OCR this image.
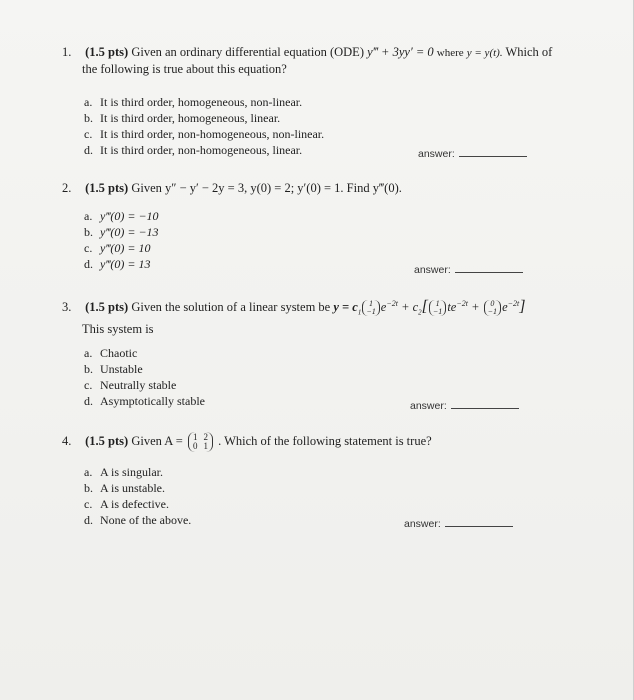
1. (1.5 pts) Given an ordinary differential equation (ODE) y‴ + 3yy′ = 0 where y = y(t). Which of
the following is true about this equation?
a. It is third order, homogeneous, non-linear.
b. It is third order, homogeneous, linear.
c. It is third order, non-homogeneous, non-linear.
d. It is third order, non-homogeneous, linear.	answer:
2. (1.5 pts) Given y″ − y′ − 2y = 3, y(0) = 2; y′(0) = 1. Find y‴(0).
a. y‴(0) = −10
b. y‴(0) = −13
c. y‴(0) = 10
d. y‴(0) = 13	answer:
3. (1.5 pts) Given the solution of a linear system be $y = c_1$
1
−1 $e^{-2t} + c_2$[ 1
−1 $te^{-2t} + 0$
−1 $e^{-2t}$]
This system is
a. Chaotic
b. Unstable
c. Neutrally stable
d. Asymptotically stable	answer:
4. (1.5 pts) Given A = 1 2
0 1 . Which of the following statement is true?
a. A is singular.
b. A is unstable.
c. A is defective.
d. None of the above.	answer:
